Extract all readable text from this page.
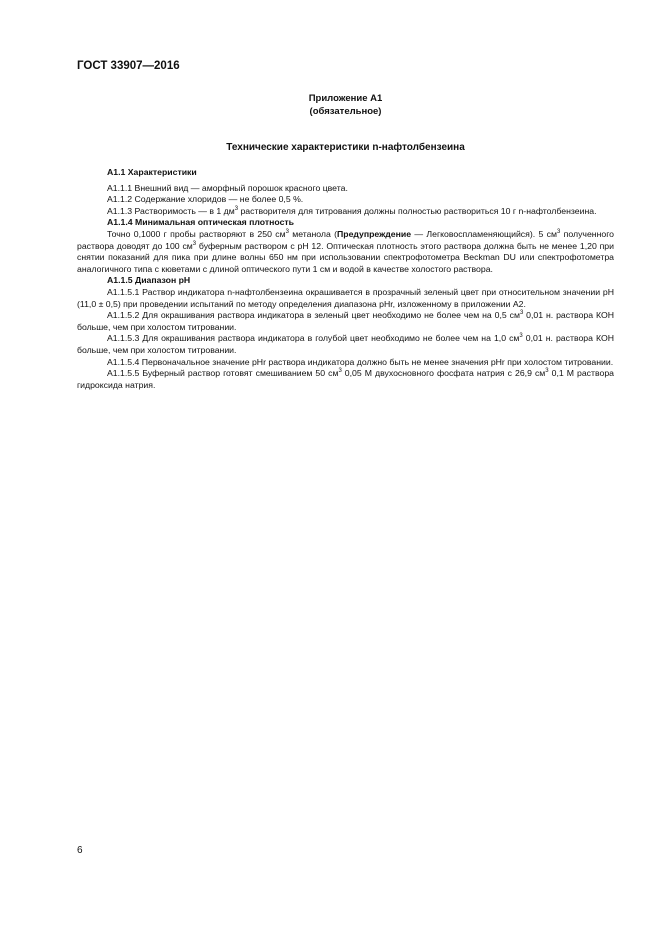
ГОСТ 33907—2016
Приложение А1
(обязательное)
Технические характеристики n-нафтолбензеина

А1.1 Характеристики

А1.1.1 Внешний вид — аморфный порошок красного цвета.

А1.1.2 Содержание хлоридов — не более 0,5 %.

А1.1.3 Растворимость — в 1 $дм^3$ растворителя для титрования должны полностью раствориться 10 г n-нафтолбензеина.

А1.1.4 Минимальная оптическая плотность

Точно 0,1000 г пробы растворяют в 250 $см^3$ метанола (Предупреждение — Легковоспламеняющийся). 5 $см^3$ полученного раствора доводят до 100 $см^3$ буферным раствором с рН 12. Оптическая плотность этого раствора должна быть не менее 1,20 при снятии показаний для пика при длине волны 650 нм при использовании спектрофотометра Beckman DU или спектрофотометра аналогичного типа с кюветами с длиной оптического пути 1 см и водой в качестве холостого раствора.

А1.1.5 Диапазон рН

А1.1.5.1 Раствор индикатора n-нафтолбензеина окрашивается в прозрачный зеленый цвет при относительном значении рН (11,0 ± 0,5) при проведении испытаний по методу определения диапазона pHr, изложенному в приложении А2.

А1.1.5.2 Для окрашивания раствора индикатора в зеленый цвет необходимо не более чем на 0,5 $см^3$ 0,01 н. раствора КОН больше, чем при холостом титровании.

А1.1.5.3 Для окрашивания раствора индикатора в голубой цвет необходимо не более чем на 1,0 $см^3$ 0,01 н. раствора КОН больше, чем при холостом титровании.

А1.1.5.4 Первоначальное значение pHr раствора индикатора должно быть не менее значения pHr при холостом титровании.

А1.1.5.5 Буферный раствор готовят смешиванием 50 $см^3$ 0,05 М двухосновного фосфата натрия с 26,9 $см^3$ 0,1 М раствора гидроксида натрия.

6
